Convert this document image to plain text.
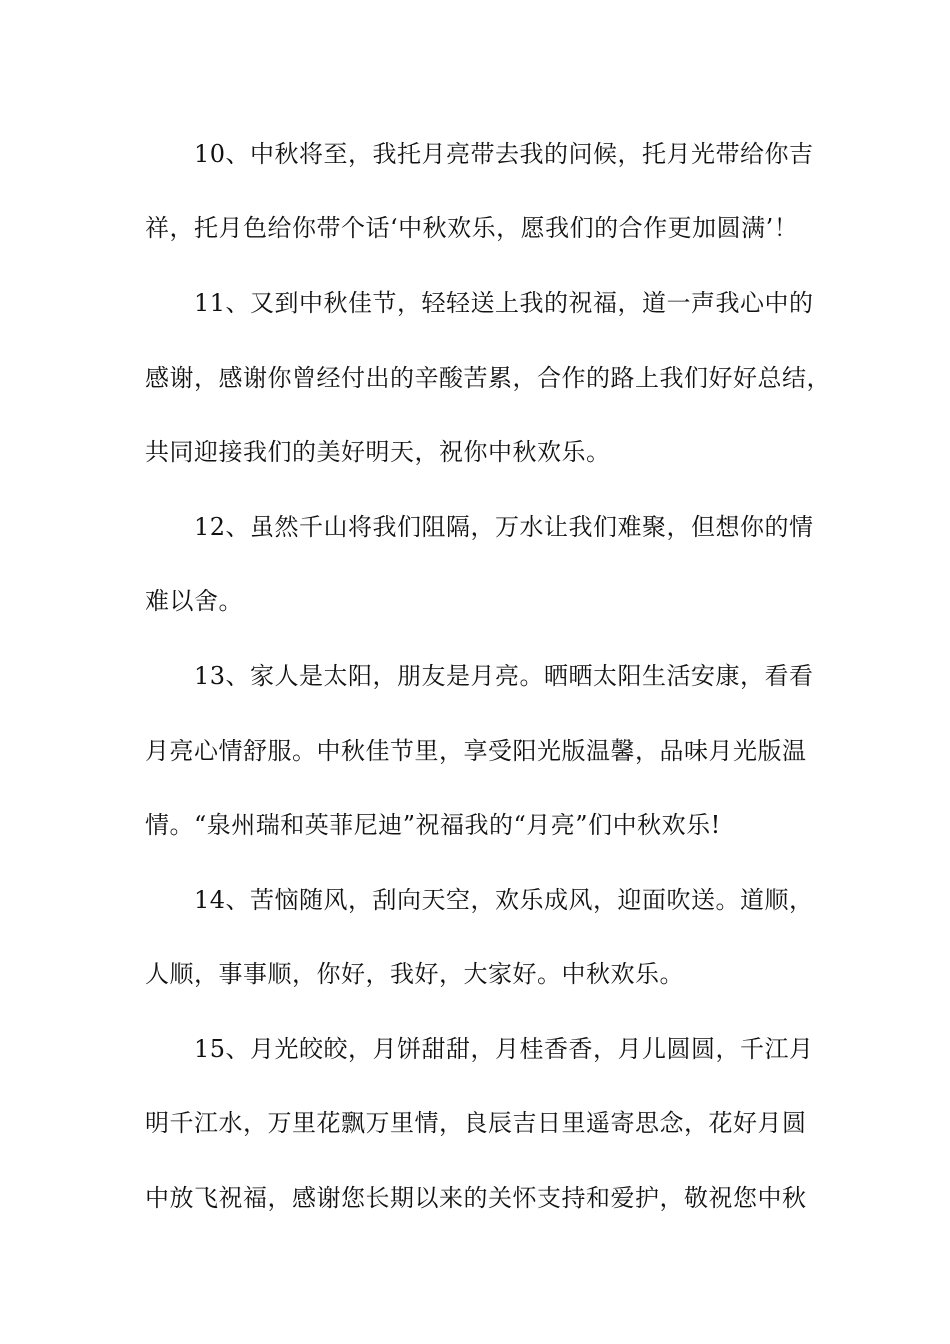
10、中秋将至，我托月亮带去我的问候，托月光带给你吉
祥，托月色给你带个话‘中秋欢乐，愿我们的合作更加圆满’！
11、又到中秋佳节，轻轻送上我的祝福，道一声我心中的
感谢，感谢你曾经付出的辛酸苦累，合作的路上我们好好总结，
共同迎接我们的美好明天，祝你中秋欢乐。
12、虽然千山将我们阻隔，万水让我们难聚，但想你的情
难以舍。
13、家人是太阳，朋友是月亮。晒晒太阳生活安康，看看
月亮心情舒服。中秋佳节里，享受阳光版温馨，品味月光版温
情。“泉州瑞和英菲尼迪”祝福我的“月亮”们中秋欢乐!
14、苦恼随风，刮向天空，欢乐成风，迎面吹送。道顺，
人顺，事事顺，你好，我好，大家好。中秋欢乐。
15、月光皎皎，月饼甜甜，月桂香香，月儿圆圆，千江月
明千江水，万里花飘万里情，良辰吉日里遥寄思念，花好月圆
中放飞祝福，感谢您长期以来的关怀支持和爱护，敬祝您中秋
